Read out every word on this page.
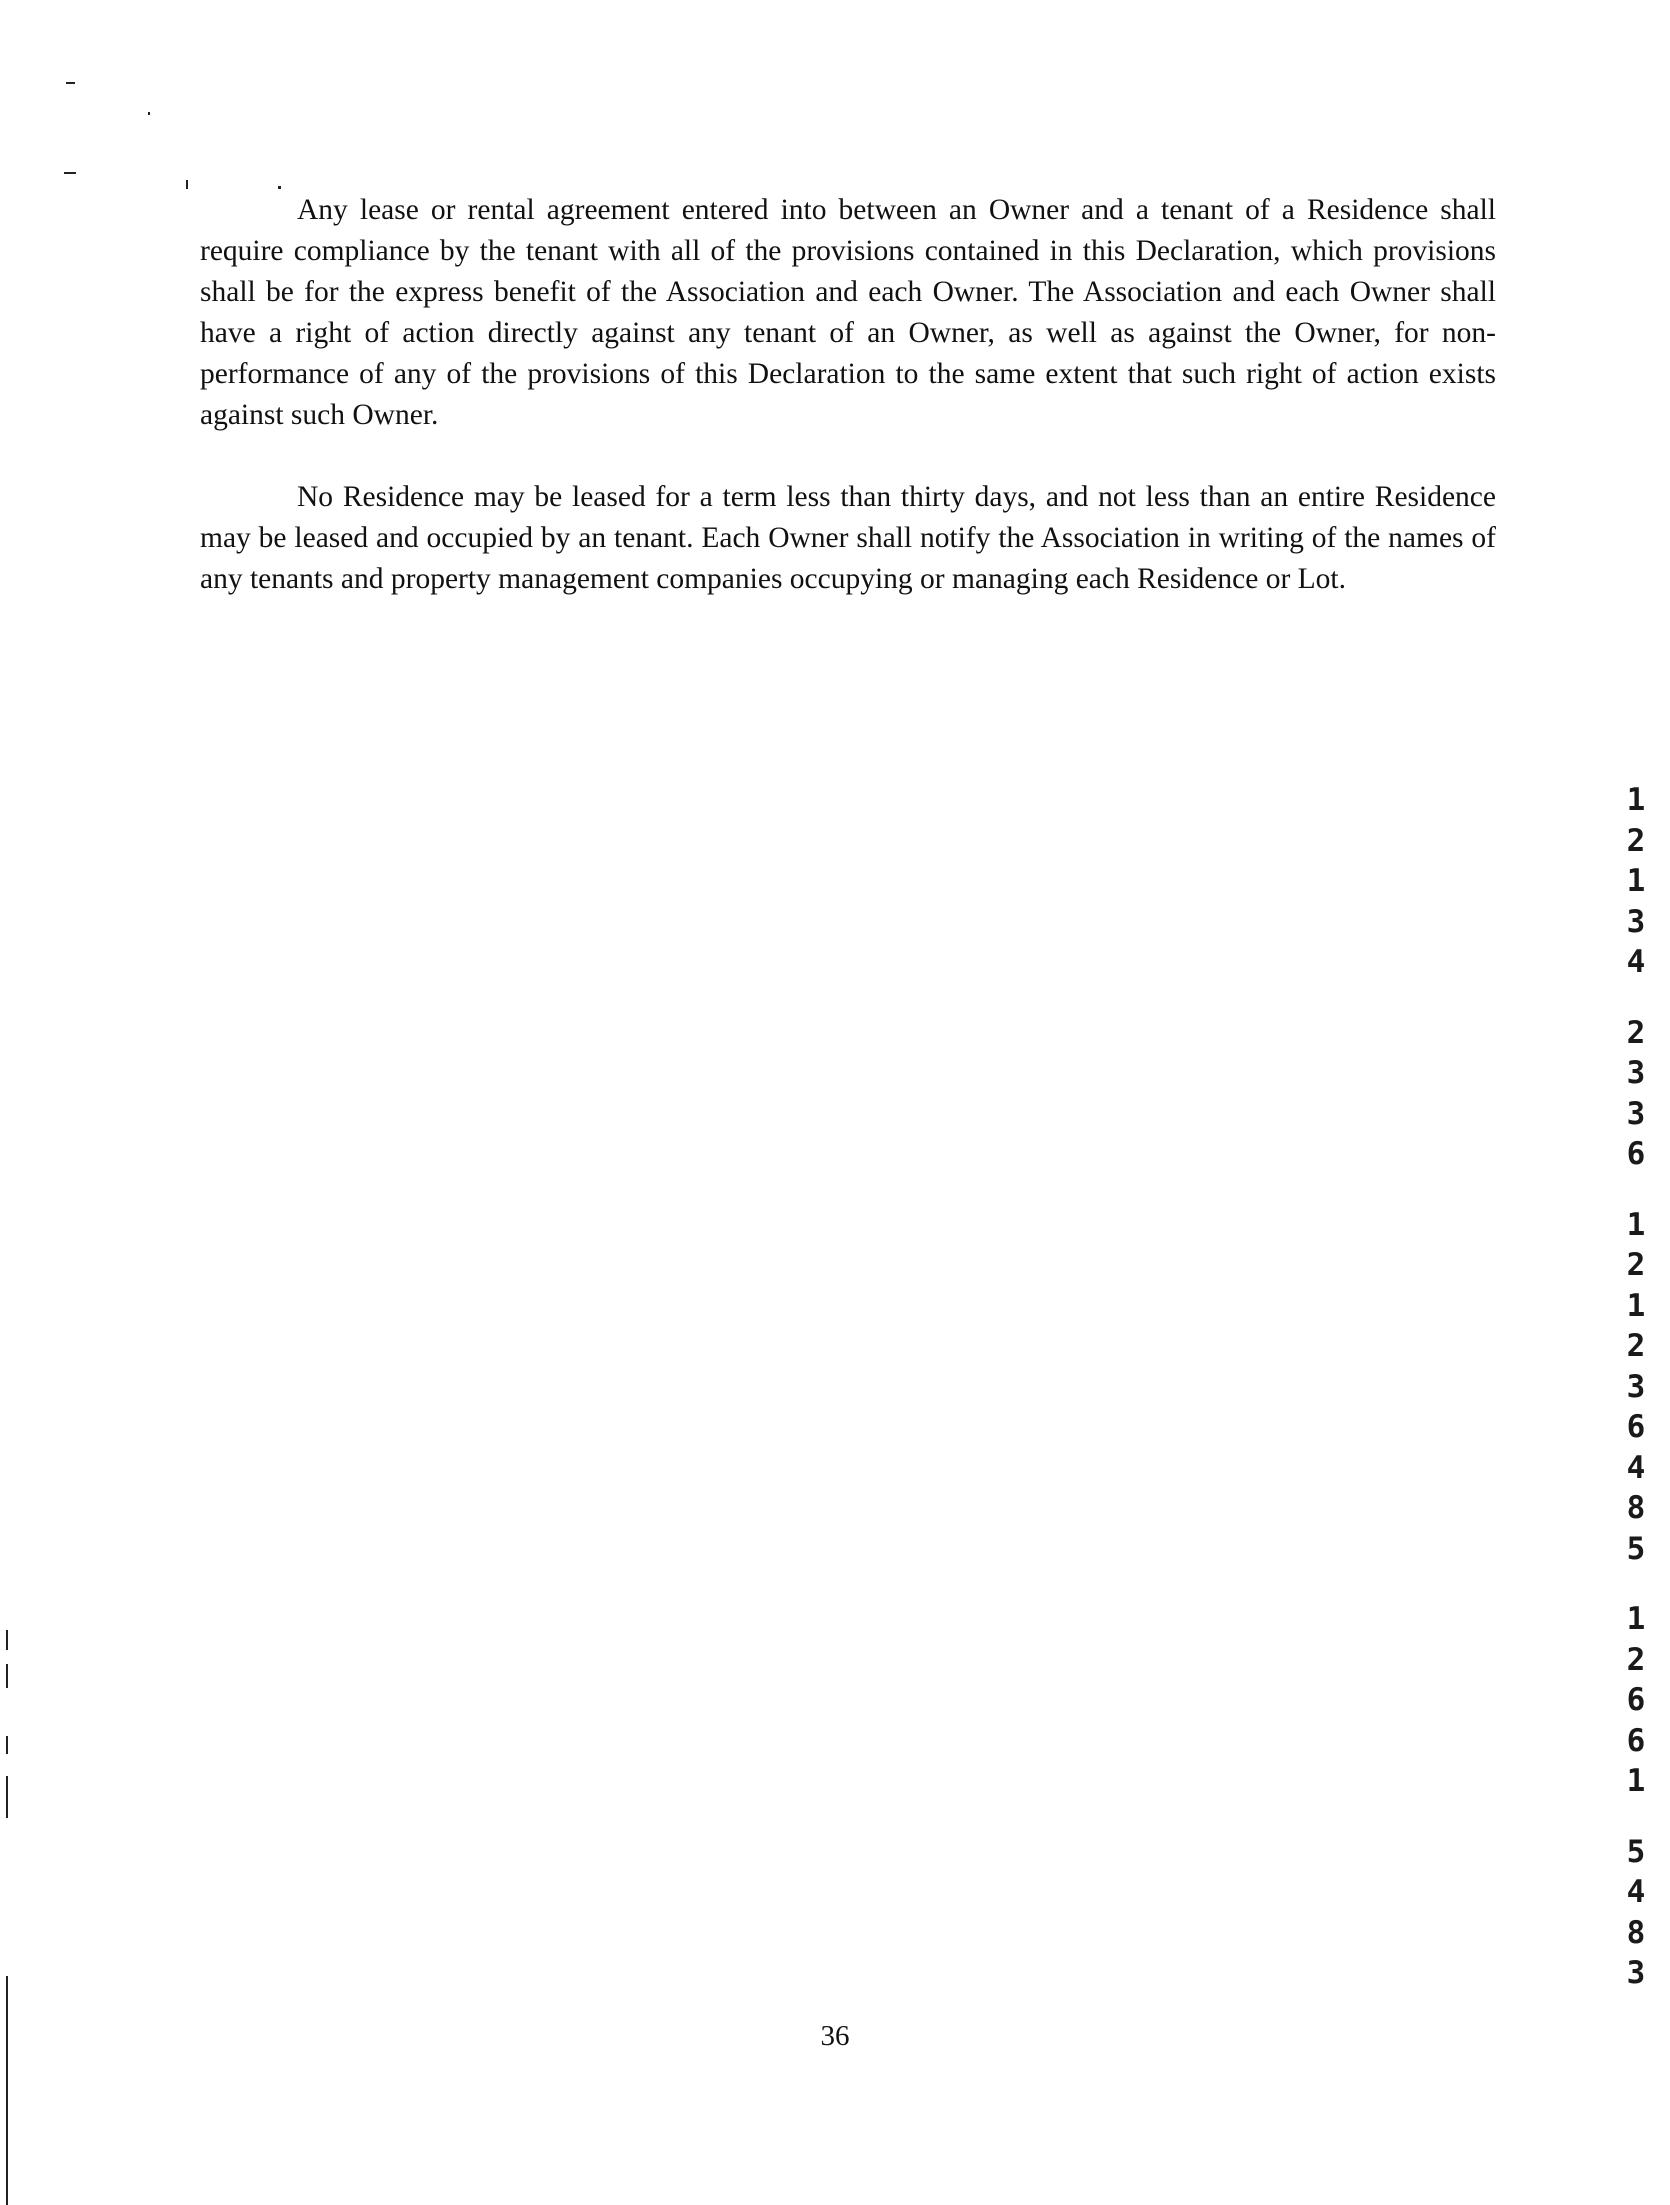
Any lease or rental agreement entered into between an Owner and a tenant of a Residence shall require compliance by the tenant with all of the provisions contained in this Declaration, which provisions shall be for the express benefit of the Association and each Owner. The Association and each Owner shall have a right of action directly against any tenant of an Owner, as well as against the Owner, for non-performance of any of the provisions of this Declaration to the same extent that such right of action exists against such Owner.

No Residence may be leased for a term less than thirty days, and not less than an entire Residence may be leased and occupied by an tenant. Each Owner shall notify the Association in writing of the names of any tenants and property management companies occupying or managing each Residence or Lot.

1
2
1
3
4
2
3
3
6
1
2
1
2
3
6
4
8
5
1
2
6
6
1
5
4
8
3
36
